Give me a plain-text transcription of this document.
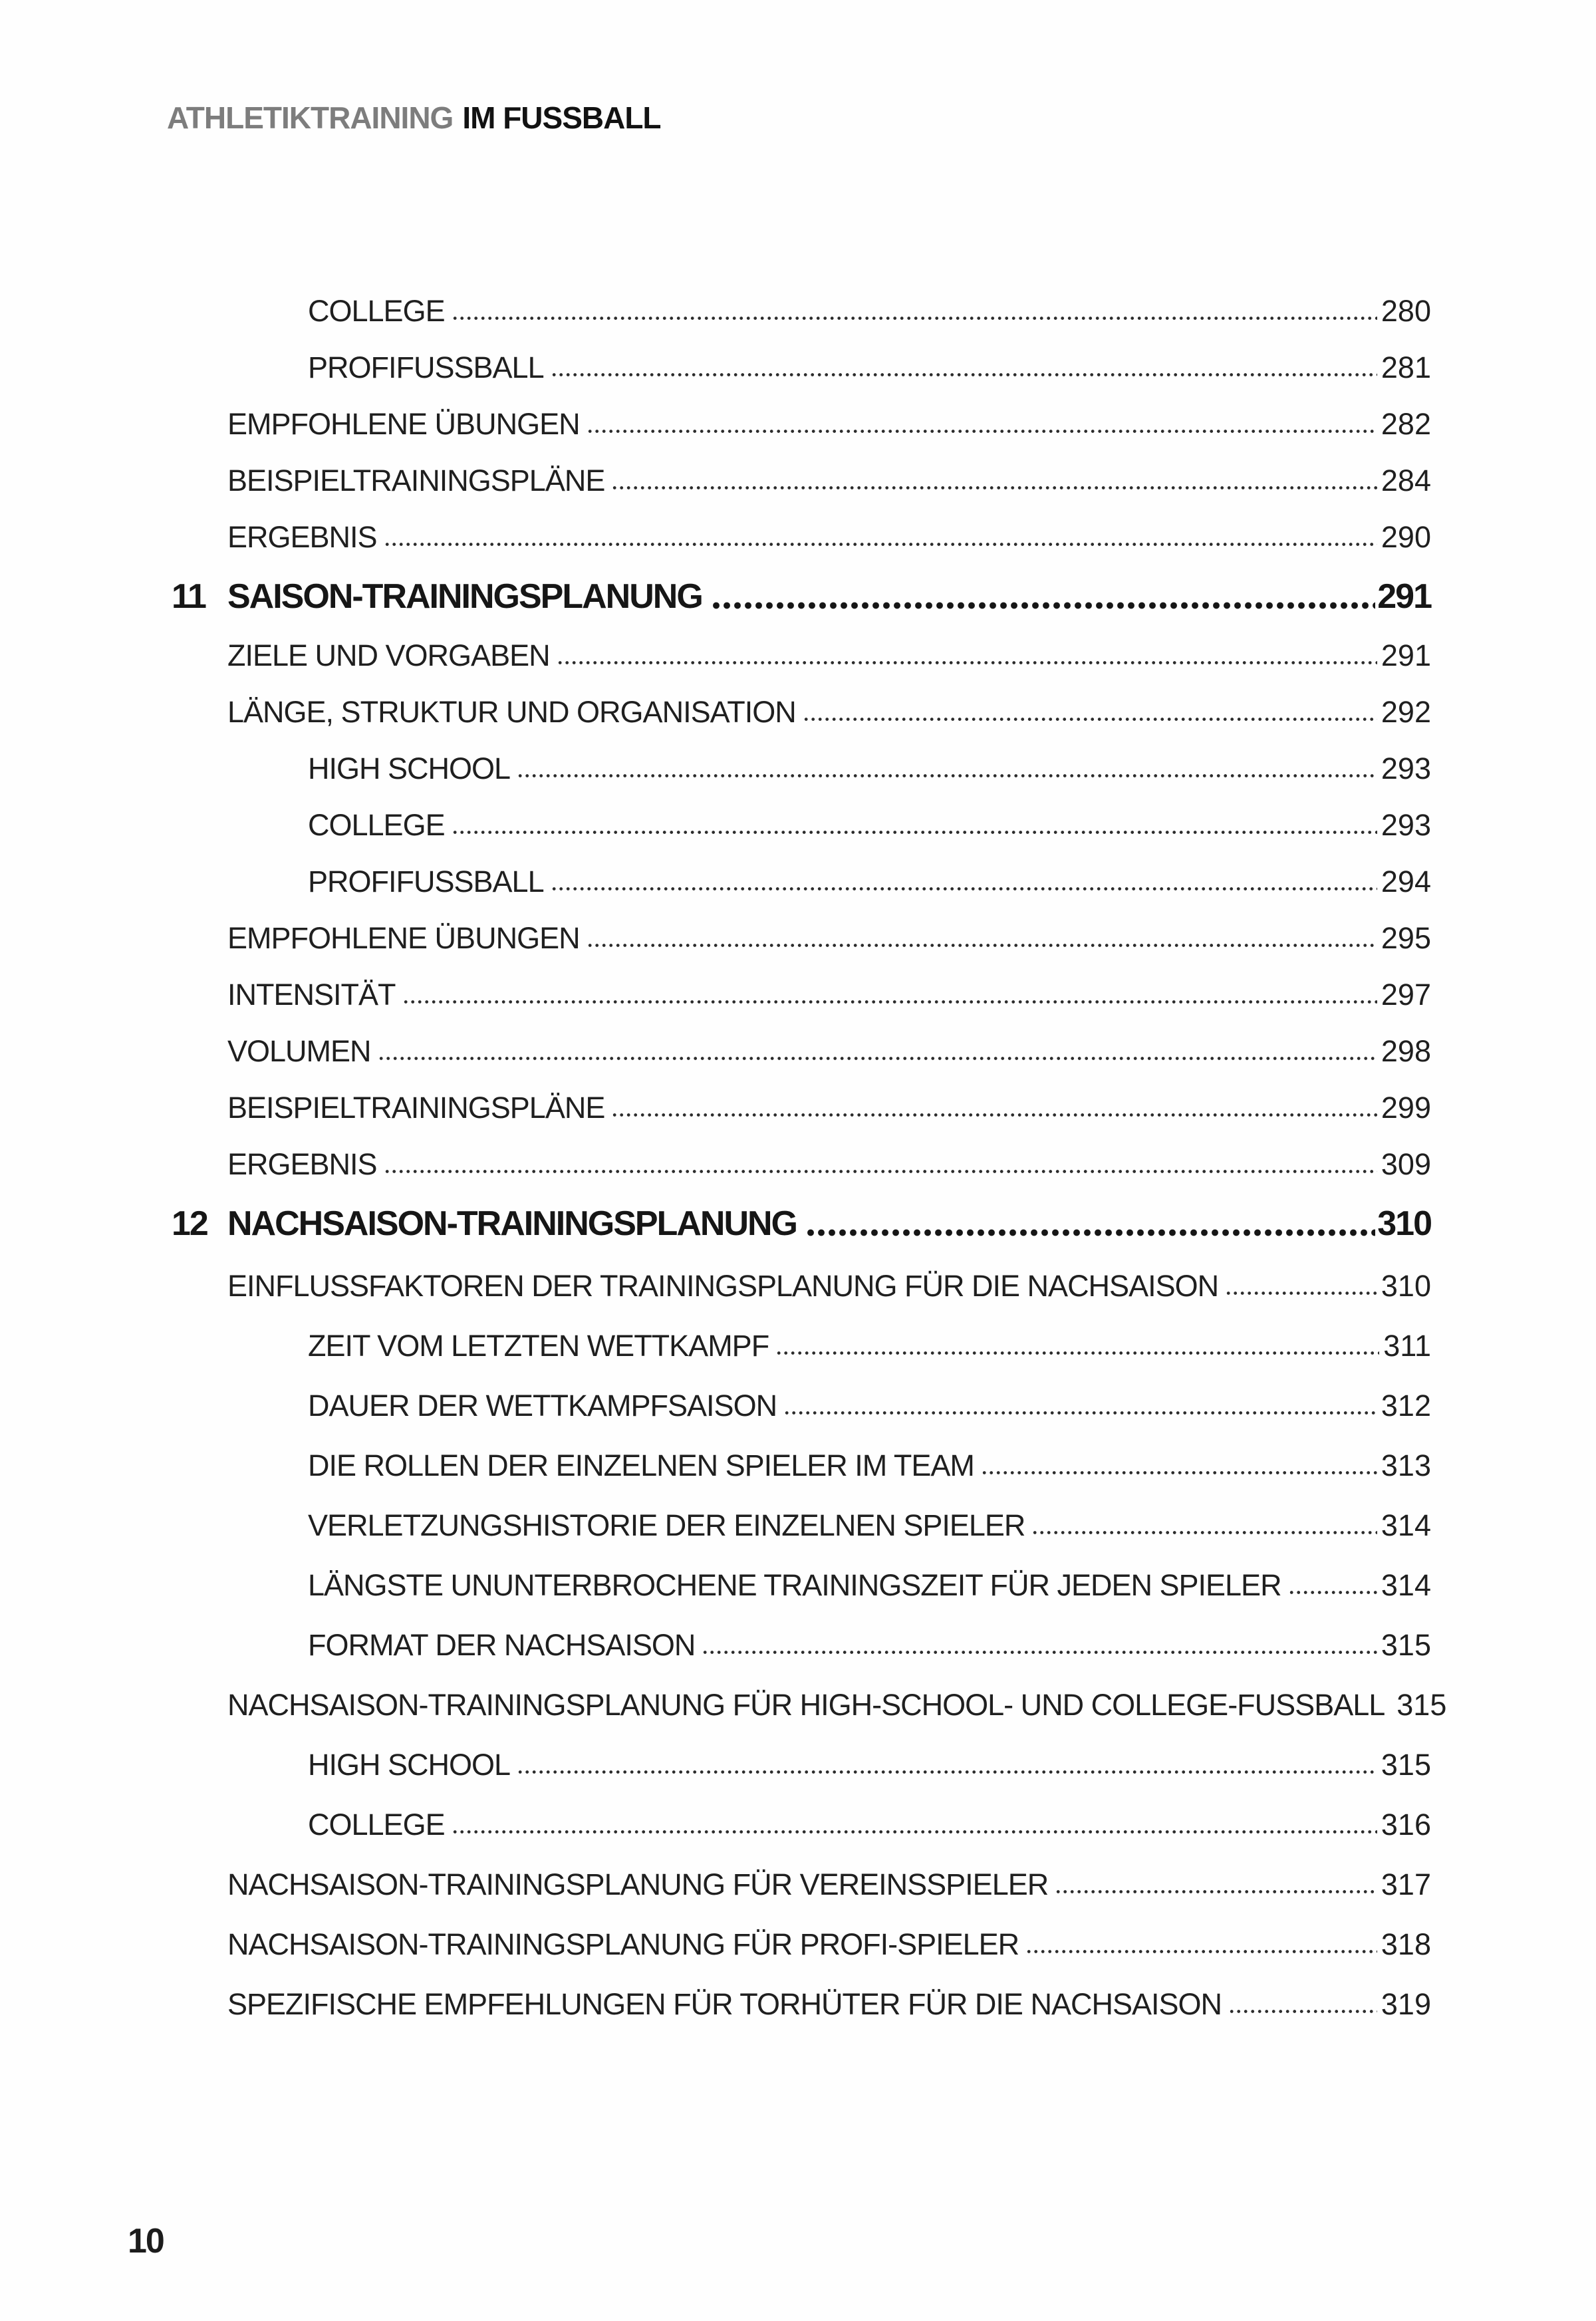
ATHLETIKTRAINING IM FUSSBALL
COLLEGE	280
PROFIFUSSBALL	281
EMPFOHLENE ÜBUNGEN	282
BEISPIELTRAININGSPLÄNE	284
ERGEBNIS	290
11 SAISON-TRAININGSPLANUNG	291
ZIELE UND VORGABEN	291
LÄNGE, STRUKTUR UND ORGANISATION	292
HIGH SCHOOL	293
COLLEGE	293
PROFIFUSSBALL	294
EMPFOHLENE ÜBUNGEN	295
INTENSITÄT	297
VOLUMEN	298
BEISPIELTRAININGSPLÄNE	299
ERGEBNIS	309
12 NACHSAISON-TRAININGSPLANUNG	310
EINFLUSSFAKTOREN DER TRAININGSPLANUNG FÜR DIE NACHSAISON	310
ZEIT VOM LETZTEN WETTKAMPF	311
DAUER DER WETTKAMPFSAISON	312
DIE ROLLEN DER EINZELNEN SPIELER IM TEAM	313
VERLETZUNGSHISTORIE DER EINZELNEN SPIELER	314
LÄNGSTE UNUNTERBROCHENE TRAININGSZEIT FÜR JEDEN SPIELER	314
FORMAT DER NACHSAISON	315
NACHSAISON-TRAININGSPLANUNG FÜR HIGH-SCHOOL- UND COLLEGE-FUSSBALL 315
HIGH SCHOOL	315
COLLEGE	316
NACHSAISON-TRAININGSPLANUNG FÜR VEREINSSPIELER	317
NACHSAISON-TRAININGSPLANUNG FÜR PROFI-SPIELER	318
SPEZIFISCHE EMPFEHLUNGEN FÜR TORHÜTER FÜR DIE NACHSAISON	319
10
